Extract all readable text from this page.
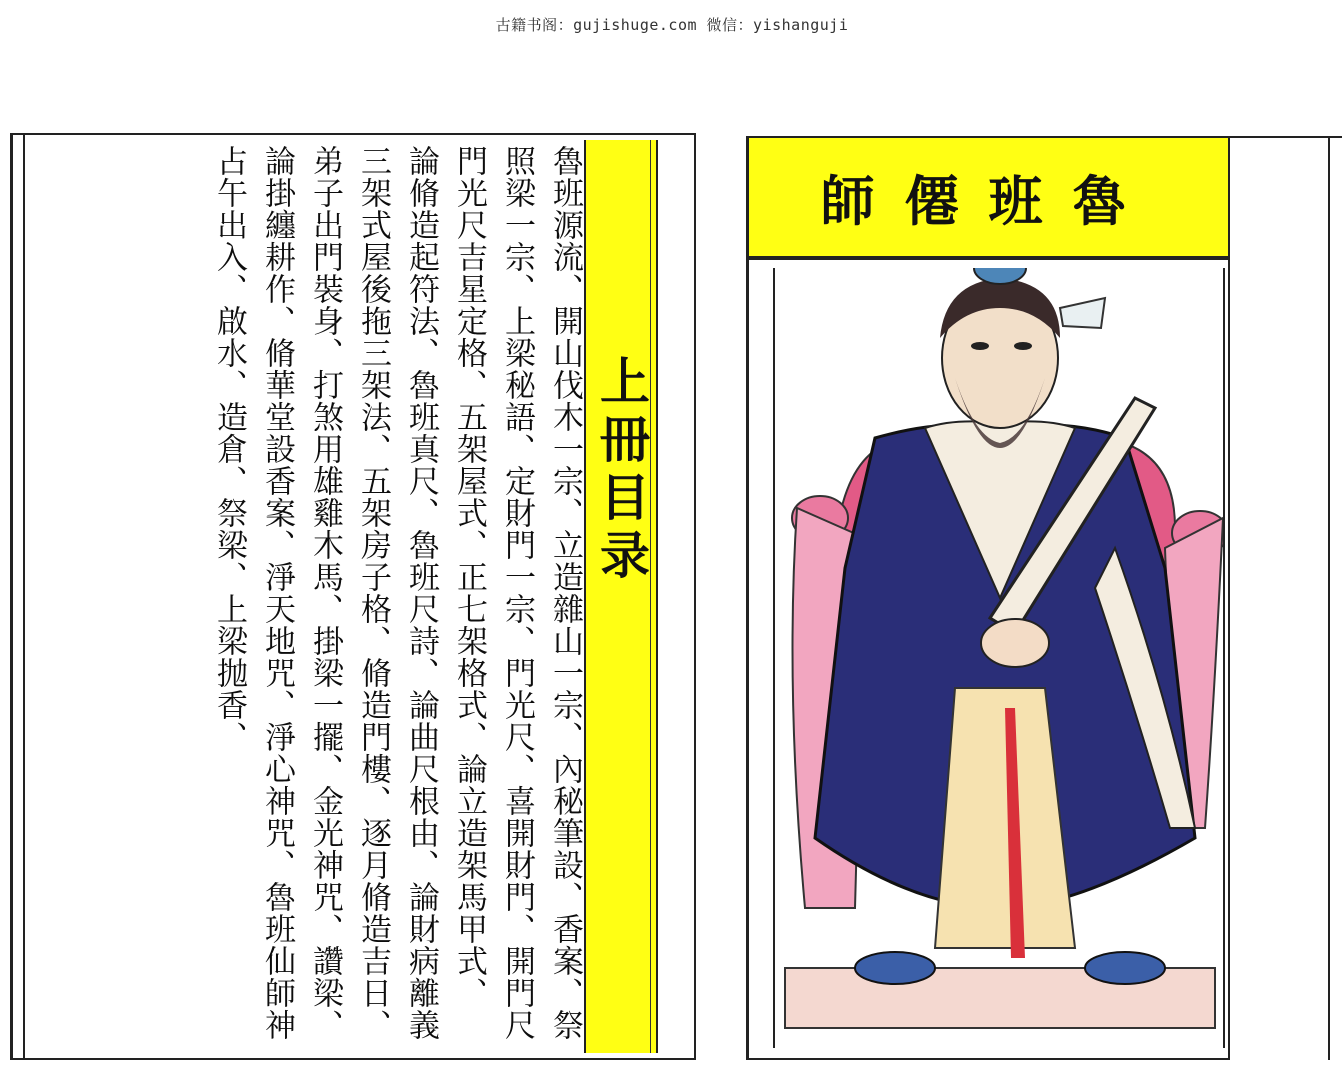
古籍书阁：gujishuge.com 微信：yishanguji
魯班源流、開山伐木一宗、立造雜山一宗、內秘筆設、香案、祭
照梁一宗、上梁秘語、定財門一宗、門光尺、喜開財門、開門尺
門光尺吉星定格、五架屋式、正七架格式、論立造架馬甲式、
論脩造起符法、魯班真尺、魯班尺詩、論曲尺根由、論財病離義
三架式屋後拖三架法、五架房子格、脩造門樓、逐月脩造吉日、
弟子出門裝身、打煞用雄雞木馬、掛梁一擺、金光神咒、讚梁、
論掛纏耕作、脩華堂設香案、淨天地咒、淨心神咒、魯班仙師神
占午出入、啟水、造倉、祭梁、上梁抛香、	上冊目录
魯班僊師
